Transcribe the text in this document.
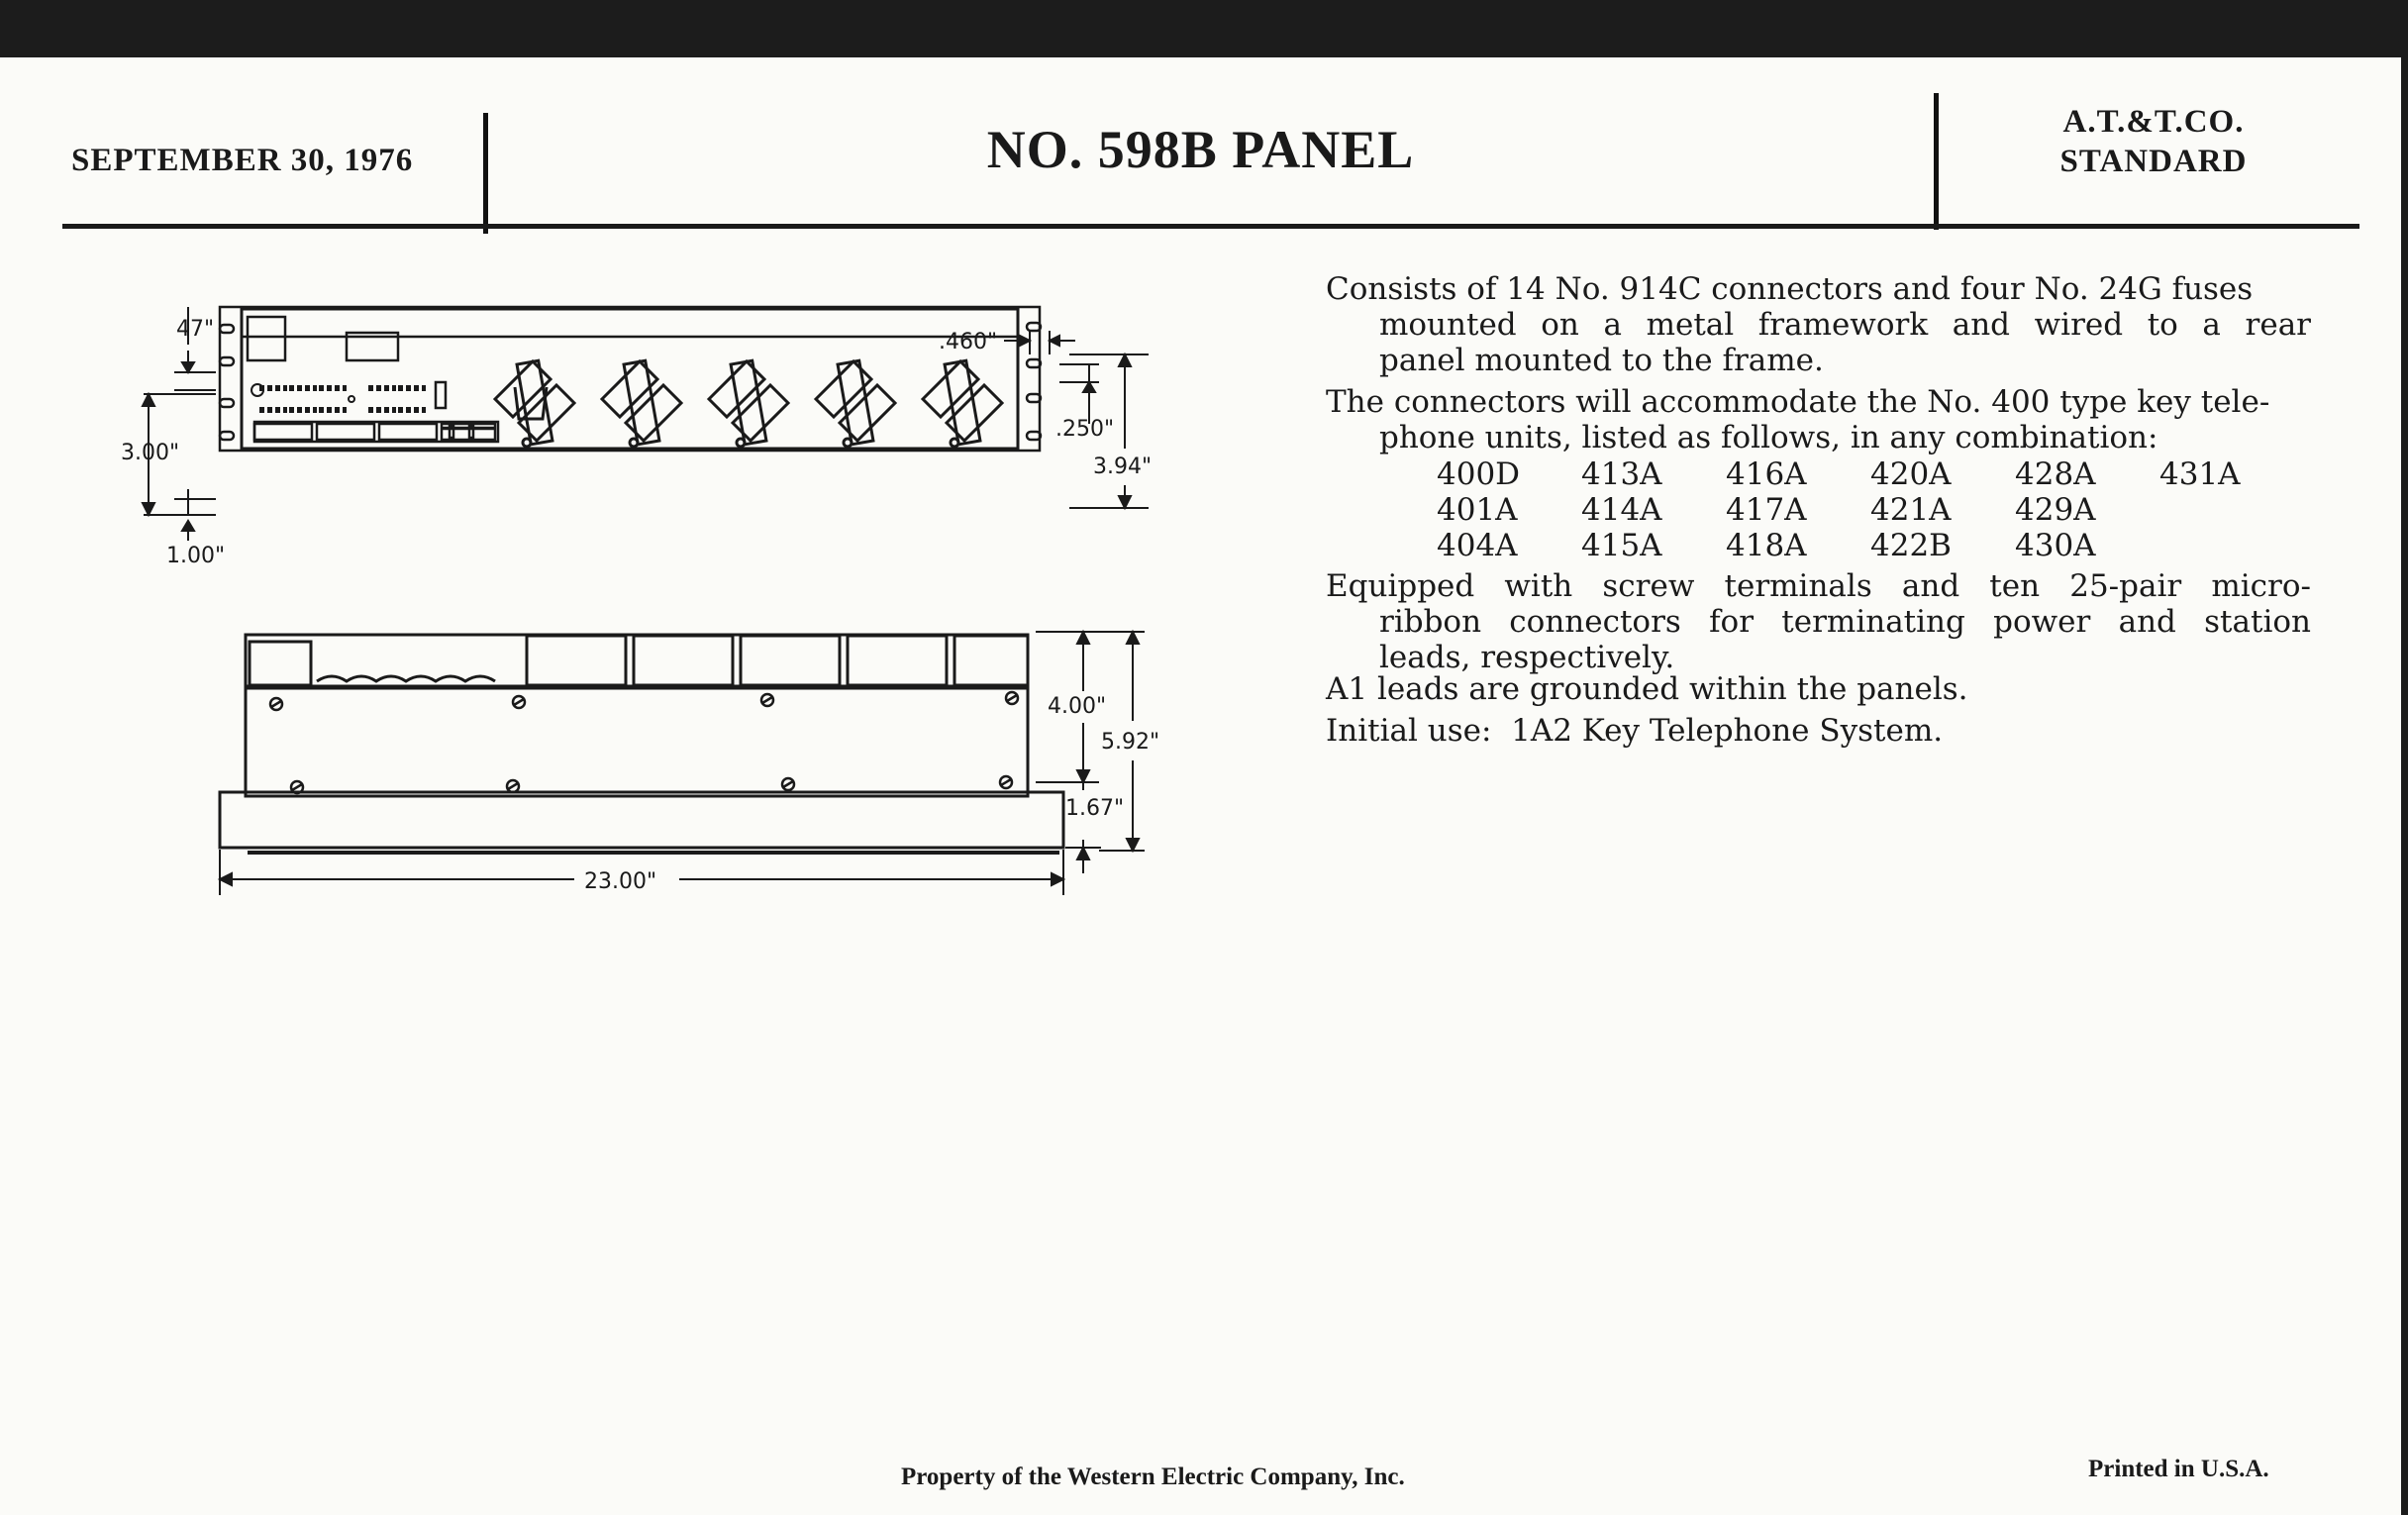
SEPTEMBER 30, 1976	NO. 598B PANEL	A.T.&T.CO.
STANDARD
47"
.460"
3.00"
.250"
3.94"
1.00"
4.00"
5.92"
1.67"
23.00"
Consists of 14 No. 914C connectors and four No. 24G fuses
mounted on a metal framework and wired to a rear
panel mounted to the frame.
The connectors will accommodate the No. 400 type key tele-
phone units, listed as follows, in any combination:
400D 413A 416A 420A 428A 431A
401A 414A 417A 421A 429A
404A 415A 418A 422B 430A
Equipped with screw terminals and ten 25-pair micro-
ribbon connectors for terminating power and station
leads, respectively.
A1 leads are grounded within the panels.
Initial use:  1A2 Key Telephone System.
Property of the Western Electric Company, Inc.	Printed in U.S.A.
